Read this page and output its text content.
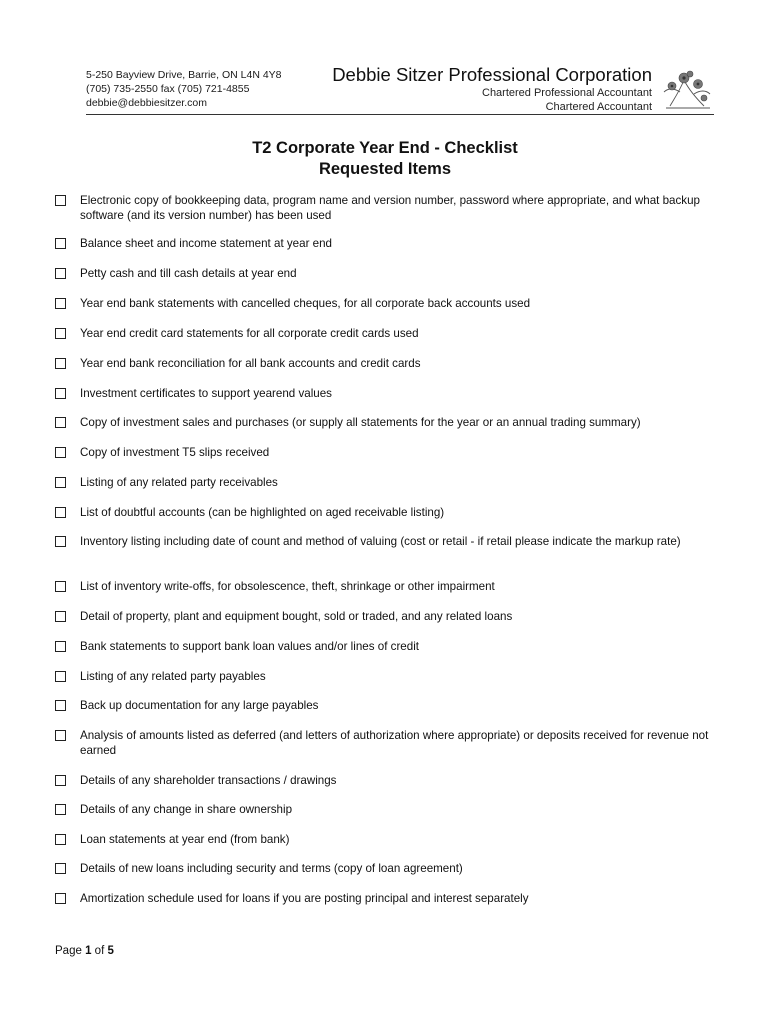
5-250 Bayview Drive, Barrie, ON L4N 4Y8
(705) 735-2550 fax (705) 721-4855
debbie@debbiesitzer.com
Debbie Sitzer Professional Corporation
Chartered Professional Accountant
Chartered Accountant
T2 Corporate Year End - Checklist
Requested Items
Electronic copy of bookkeeping data, program name and version number, password where appropriate, and what backup software (and its version number) has been used
Balance sheet and income statement at year end
Petty cash and till cash details at year end
Year end bank statements with cancelled cheques, for all corporate back accounts used
Year end credit card statements for all corporate credit cards used
Year end bank reconciliation for all bank accounts and credit cards
Investment certificates to support yearend values
Copy of investment sales and purchases (or supply all statements for the year or an annual trading summary)
Copy of investment T5 slips received
Listing of any related party receivables
List of doubtful accounts (can be highlighted on aged receivable listing)
Inventory listing including date of count and method of valuing (cost or retail - if retail please indicate the markup rate)
List of inventory write-offs, for obsolescence, theft, shrinkage or other impairment
Detail of property, plant and equipment bought, sold or traded, and any related loans
Bank statements to support bank loan values and/or lines of credit
Listing of any related party payables
Back up documentation for any large payables
Analysis of amounts listed as deferred (and letters of authorization where appropriate) or deposits received for revenue not earned
Details of any shareholder transactions / drawings
Details of any change in share ownership
Loan statements at year end (from bank)
Details of new loans including security and terms (copy of loan agreement)
Amortization schedule used for loans if you are posting principal and interest separately
Page 1 of 5
